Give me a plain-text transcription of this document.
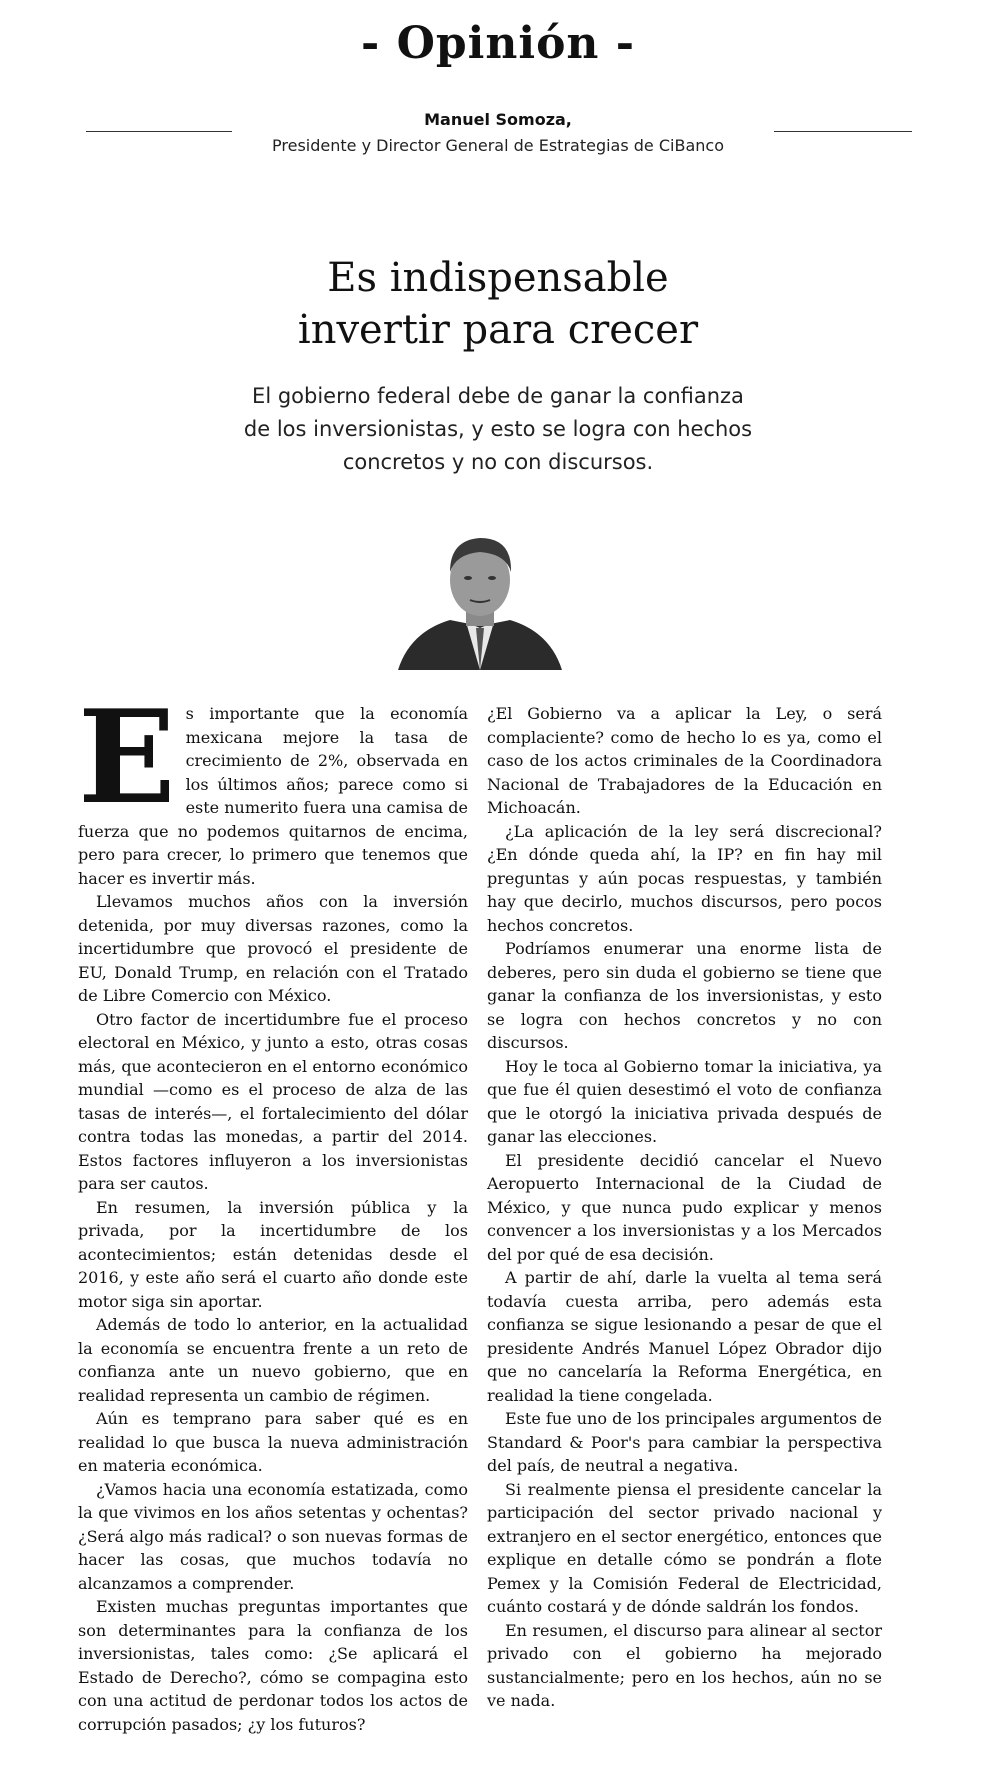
- Opinión -
Manuel Somoza,
Presidente y Director General de Estrategias de CiBanco
Es indispensable
invertir para crecer

El gobierno federal debe de ganar la confianza
de los inversionistas, y esto se logra con hechos
concretos y no con discursos.

Es importante que la economía mexicana mejore la tasa de crecimiento de 2%, observada en los últimos años; parece como si este numerito fuera una camisa de fuerza que no podemos quitarnos de encima, pero para crecer, lo primero que tenemos que hacer es invertir más.

Llevamos muchos años con la inversión detenida, por muy diversas razones, como la incertidumbre que provocó el presidente de EU, Donald Trump, en relación con el Tratado de Libre Comercio con México.

Otro factor de incertidumbre fue el proceso electoral en México, y junto a esto, otras cosas más, que acontecieron en el entorno económico mundial —como es el proceso de alza de las tasas de interés—, el fortalecimiento del dólar contra todas las monedas, a partir del 2014. Estos factores influyeron a los inversionistas para ser cautos.

En resumen, la inversión pública y la privada, por la incertidumbre de los acontecimientos; están detenidas desde el 2016, y este año será el cuarto año donde este motor siga sin aportar.

Además de todo lo anterior, en la actualidad la economía se encuentra frente a un reto de confianza ante un nuevo gobierno, que en realidad representa un cambio de régimen.

Aún es temprano para saber qué es en realidad lo que busca la nueva administración en materia económica.

¿Vamos hacia una economía estatizada, como la que vivimos en los años setentas y ochentas? ¿Será algo más radical? o son nuevas formas de hacer las cosas, que muchos todavía no alcanzamos a comprender.

Existen muchas preguntas importantes que son determinantes para la confianza de los inversionistas, tales como: ¿Se aplicará el Estado de Derecho?, cómo se compagina esto con una actitud de perdonar todos los actos de corrupción pasados; ¿y los futuros?

¿El Gobierno va a aplicar la Ley, o será complaciente? como de hecho lo es ya, como el caso de los actos criminales de la Coordinadora Nacional de Trabajadores de la Educación en Michoacán.

¿La aplicación de la ley será discrecional? ¿En dónde queda ahí, la IP? en fin hay mil preguntas y aún pocas respuestas, y también hay que decirlo, muchos discursos, pero pocos hechos concretos.

Podríamos enumerar una enorme lista de deberes, pero sin duda el gobierno se tiene que ganar la confianza de los inversionistas, y esto se logra con hechos concretos y no con discursos.

Hoy le toca al Gobierno tomar la iniciativa, ya que fue él quien desestimó el voto de confianza que le otorgó la iniciativa privada después de ganar las elecciones.

El presidente decidió cancelar el Nuevo Aeropuerto Internacional de la Ciudad de México, y que nunca pudo explicar y menos convencer a los inversionistas y a los Mercados del por qué de esa decisión.

A partir de ahí, darle la vuelta al tema será todavía cuesta arriba, pero además esta confianza se sigue lesionando a pesar de que el presidente Andrés Manuel López Obrador dijo que no cancelaría la Reforma Energética, en realidad la tiene congelada.

Este fue uno de los principales argumentos de Standard & Poor's para cambiar la perspectiva del país, de neutral a negativa.

Si realmente piensa el presidente cancelar la participación del sector privado nacional y extranjero en el sector energético, entonces que explique en detalle cómo se pondrán a flote Pemex y la Comisión Federal de Electricidad, cuánto costará y de dónde saldrán los fondos.

En resumen, el discurso para alinear al sector privado con el gobierno ha mejorado sustancialmente; pero en los hechos, aún no se ve nada.
